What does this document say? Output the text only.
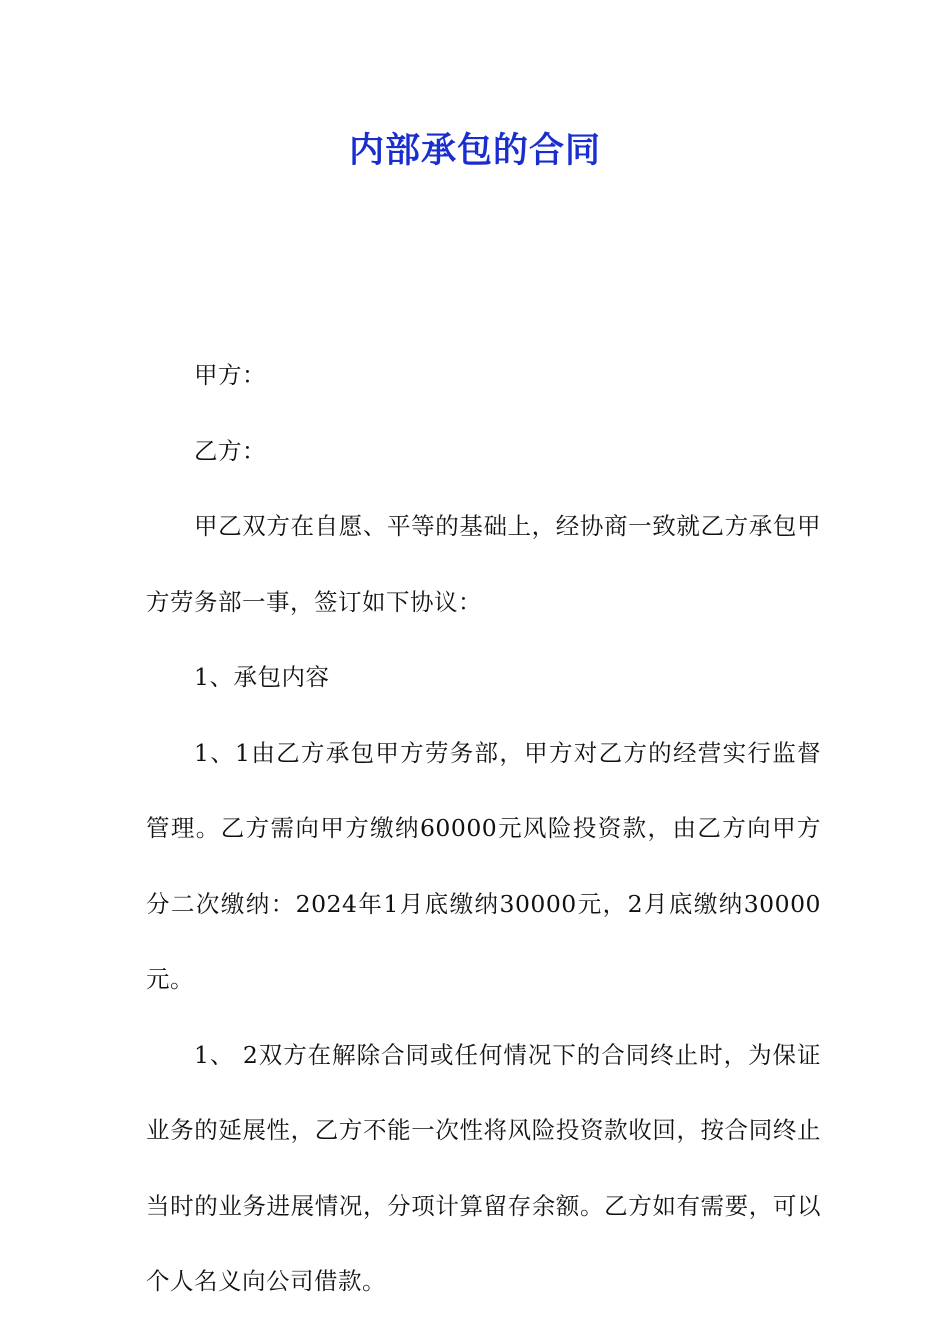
内部承包的合同

甲方：

乙方：

甲乙双方在自愿、平等的基础上，经协商一致就乙方承包甲方劳务部一事，签订如下协议：

1、承包内容

1、1由乙方承包甲方劳务部，甲方对乙方的经营实行监督管理。乙方需向甲方缴纳60000元风险投资款，由乙方向甲方分二次缴纳：2024年1月底缴纳30000元，2月底缴纳30000元。

1、 2双方在解除合同或任何情况下的合同终止时，为保证业务的延展性，乙方不能一次性将风险投资款收回，按合同终止当时的业务进展情况，分项计算留存余额。乙方如有需要，可以个人名义向公司借款。
